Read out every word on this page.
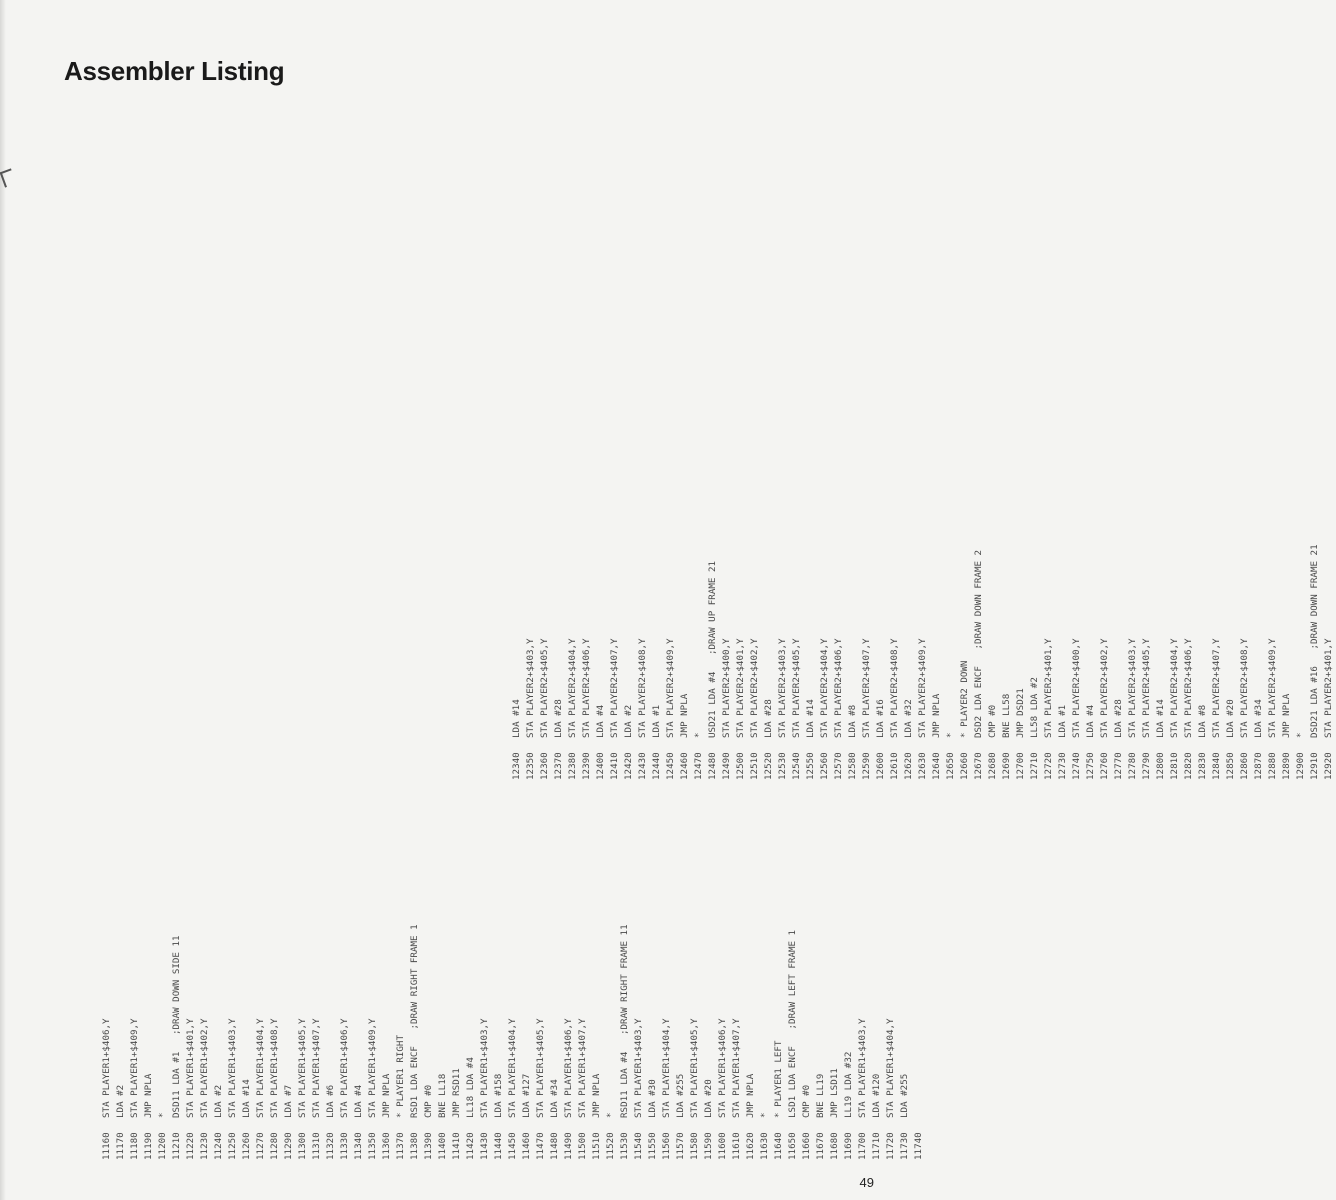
Assembler Listing
11160STA PLAYER1+$406,Y
11170LDA #2
11180STA PLAYER1+$409,Y
11190JMP NPLA
11200*
11210DSD11 LDA #1   ;DRAW DOWN SIDE 11
11220STA PLAYER1+$401,Y
11230STA PLAYER1+$402,Y
11240LDA #2
11250STA PLAYER1+$403,Y
11260LDA #14
11270STA PLAYER1+$404,Y
11280STA PLAYER1+$408,Y
11290LDA #7
11300STA PLAYER1+$405,Y
11310STA PLAYER1+$407,Y
11320LDA #6
11330STA PLAYER1+$406,Y
11340LDA #4
11350STA PLAYER1+$409,Y
11360JMP NPLA
11370* PLAYER1 RIGHT
11380RSD1 LDA ENCF   ;DRAW RIGHT FRAME 1
11390CMP #0
11400BNE LL18
11410JMP RSD11
11420LL18 LDA #4
11430STA PLAYER1+$403,Y
11440LDA #158
11450STA PLAYER1+$404,Y
11460LDA #127
11470STA PLAYER1+$405,Y
11480LDA #34
11490STA PLAYER1+$406,Y
11500STA PLAYER1+$407,Y
11510JMP NPLA
11520*
11530RSD11 LDA #4   ;DRAW RIGHT FRAME 11
11540STA PLAYER1+$403,Y
11550LDA #30
11560STA PLAYER1+$404,Y
11570LDA #255
11580STA PLAYER1+$405,Y
11590LDA #20
11600STA PLAYER1+$406,Y
11610STA PLAYER1+$407,Y
11620JMP NPLA
11630*
11640* PLAYER1 LEFT
11650LSD1 LDA ENCF   ;DRAW LEFT FRAME 1
11660CMP #0
11670BNE LL19
11680JMP LSD11
11690LL19 LDA #32
11700STA PLAYER1+$403,Y
11710LDA #120
11720STA PLAYER1+$404,Y
11730LDA #255
11740
12340LDA #14
12350STA PLAYER2+$403,Y
12360STA PLAYER2+$405,Y
12370LDA #28
12380STA PLAYER2+$404,Y
12390STA PLAYER2+$406,Y
12400LDA #4
12410STA PLAYER2+$407,Y
12420LDA #2
12430STA PLAYER2+$408,Y
12440LDA #1
12450STA PLAYER2+$409,Y
12460JMP NPLA
12470*
12480USD21 LDA #4   ;DRAW UP FRAME 21
12490STA PLAYER2+$400,Y
12500STA PLAYER2+$401,Y
12510STA PLAYER2+$402,Y
12520LDA #28
12530STA PLAYER2+$403,Y
12540STA PLAYER2+$405,Y
12550LDA #14
12560STA PLAYER2+$404,Y
12570STA PLAYER2+$406,Y
12580LDA #8
12590STA PLAYER2+$407,Y
12600LDA #16
12610STA PLAYER2+$408,Y
12620LDA #32
12630STA PLAYER2+$409,Y
12640JMP NPLA
12650*
12660* PLAYER2 DOWN
12670DSD2 LDA ENCF   ;DRAW DOWN FRAME 2
12680CMP #0
12690BNE LL58
12700JMP DSD21
12710LL58 LDA #2
12720STA PLAYER2+$401,Y
12730LDA #1
12740STA PLAYER2+$400,Y
12750LDA #4
12760STA PLAYER2+$402,Y
12770LDA #28
12780STA PLAYER2+$403,Y
12790STA PLAYER2+$405,Y
12800LDA #14
12810STA PLAYER2+$404,Y
12820STA PLAYER2+$406,Y
12830LDA #8
12840STA PLAYER2+$407,Y
12850LDA #20
12860STA PLAYER2+$408,Y
12870LDA #34
12880STA PLAYER2+$409,Y
12890JMP NPLA
12900*
12910DSD21 LDA #16   ;DRAW DOWN FRAME 21
12920STA PLAYER2+$401,Y
49
